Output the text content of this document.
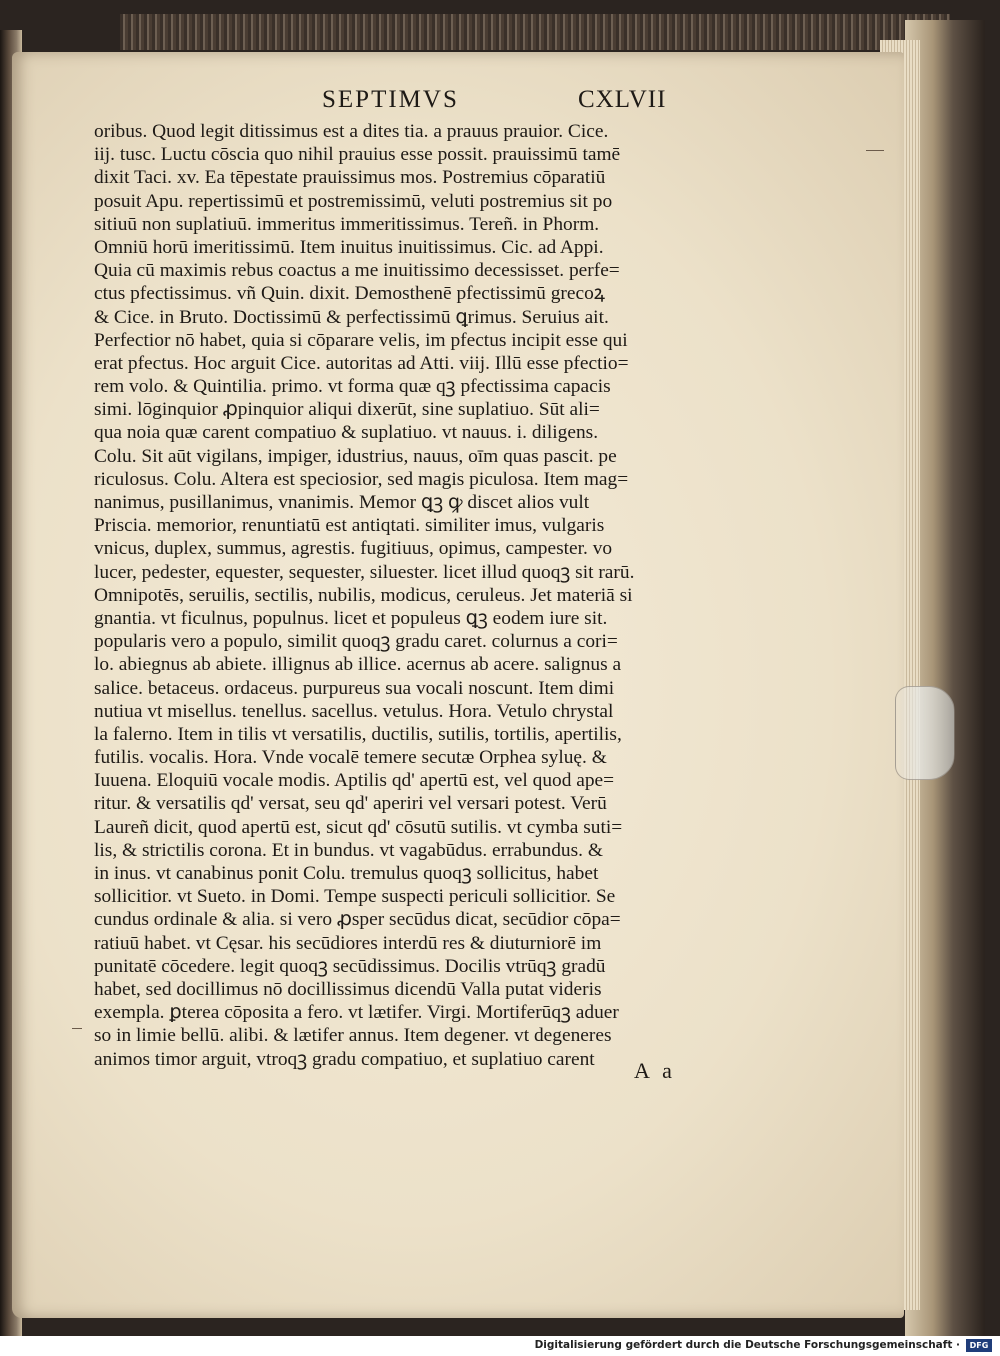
SEPTIMVS	CXLVII
oribus. Quod legit ditissimus est a dites tia. a prauus prauior. Cice.
iij. tusc. Luctu cōscia quo nihil prauius esse possit. prauissimū tamē
dixit Taci. xv. Ea tēpestate prauissimus mos. Postremius cōparatiū
posuit Apu. repertissimū et postremissimū, veluti postremius sit po
sitiuū non suplatiuū. immeritus immeritissimus. Tereñ. in Phorm.
Omniū horū imeritissimū. Item inuitus inuitissimus. Cic. ad Appi.
Quia cū maximis rebus coactus a me inuitissimo decessisset. perfe=
ctus pfectissimus. vñ Quin. dixit. Demosthenē pfectissimū grecoꝝ
& Cice. in Bruto. Doctissimū & perfectissimū ꝗrimus. Seruius ait.
Perfectior nō habet, quia si cōparare velis, im pfectus incipit esse qui
erat pfectus. Hoc arguit Cice. autoritas ad Atti. viij. Illū esse pfectio=
rem volo. & Quintilia. primo. vt forma quæ qꝫ pfectissima capacis
simi. lōginquior ꝓpinquior aliqui dixerūt, sine suplatiuo. Sūt ali=
qua noia quæ carent compatiuo & suplatiuo. vt nauus. i. diligens.
Colu. Sit aūt vigilans, impiger, idustrius, nauus, oīm quas pascit. pe
riculosus. Colu. Altera est speciosior, sed magis piculosa. Item mag=
nanimus, pusillanimus, vnanimis. Memor ꝗꝫ ꝙ discet alios vult
Priscia. memorior, renuntiatū est antiqtati. similiter imus, vulgaris
vnicus, duplex, summus, agrestis. fugitiuus, opimus, campester. vo
lucer, pedester, equester, sequester, siluester. licet illud quoqꝫ sit rarū.
Omnipotēs, seruilis, sectilis, nubilis, modicus, ceruleus. Jet materiā si
gnantia. vt ficulnus, populnus. licet et populeus ꝗꝫ eodem iure sit.
popularis vero a populo, similit quoqꝫ gradu caret. colurnus a cori=
lo. abiegnus ab abiete. illignus ab illice. acernus ab acere. salignus a
salice. betaceus. ordaceus. purpureus sua vocali noscunt. Item dimi
nutiua vt misellus. tenellus. sacellus. vetulus. Hora. Vetulo chrystal
la falerno. Item in tilis vt versatilis, ductilis, sutilis, tortilis, apertilis,
futilis. vocalis. Hora. Vnde vocalē temere secutæ Orphea syluę. &
Iuuena. Eloquiū vocale modis. Aptilis qd' apertū est, vel quod ape=
ritur. & versatilis qd' versat, seu qd' aperiri vel versari potest. Verū
Laureñ dicit, quod apertū est, sicut qd' cōsutū sutilis. vt cymba suti=
lis, & strictilis corona. Et in bundus. vt vagabūdus. errabundus. &
in inus. vt canabinus ponit Colu. tremulus quoqꝫ sollicitus, habet
sollicitior. vt Sueto. in Domi. Tempe suspecti periculi sollicitior. Se
cundus ordinale & alia. si vero ꝓsper secūdus dicat, secūdior cōpa=
ratiuū habet. vt Cęsar. his secūdiores interdū res & diuturniorē im
punitatē cōcedere. legit quoqꝫ secūdissimus. Docilis vtrūqꝫ gradū
habet, sed docillimus nō docillissimus dicendū Valla putat videris
exempla. ꝑterea cōposita a fero. vt lætifer. Virgi. Mortiferūqꝫ aduer
so in limie bellū. alibi. & lætifer annus. Item degener. vt degeneres
animos timor arguit, vtroqꝫ gradu compatiuo, et suplatiuo carent	A a
Digitalisierung gefördert durch die Deutsche Forschungsgemeinschaft ·	DFG
